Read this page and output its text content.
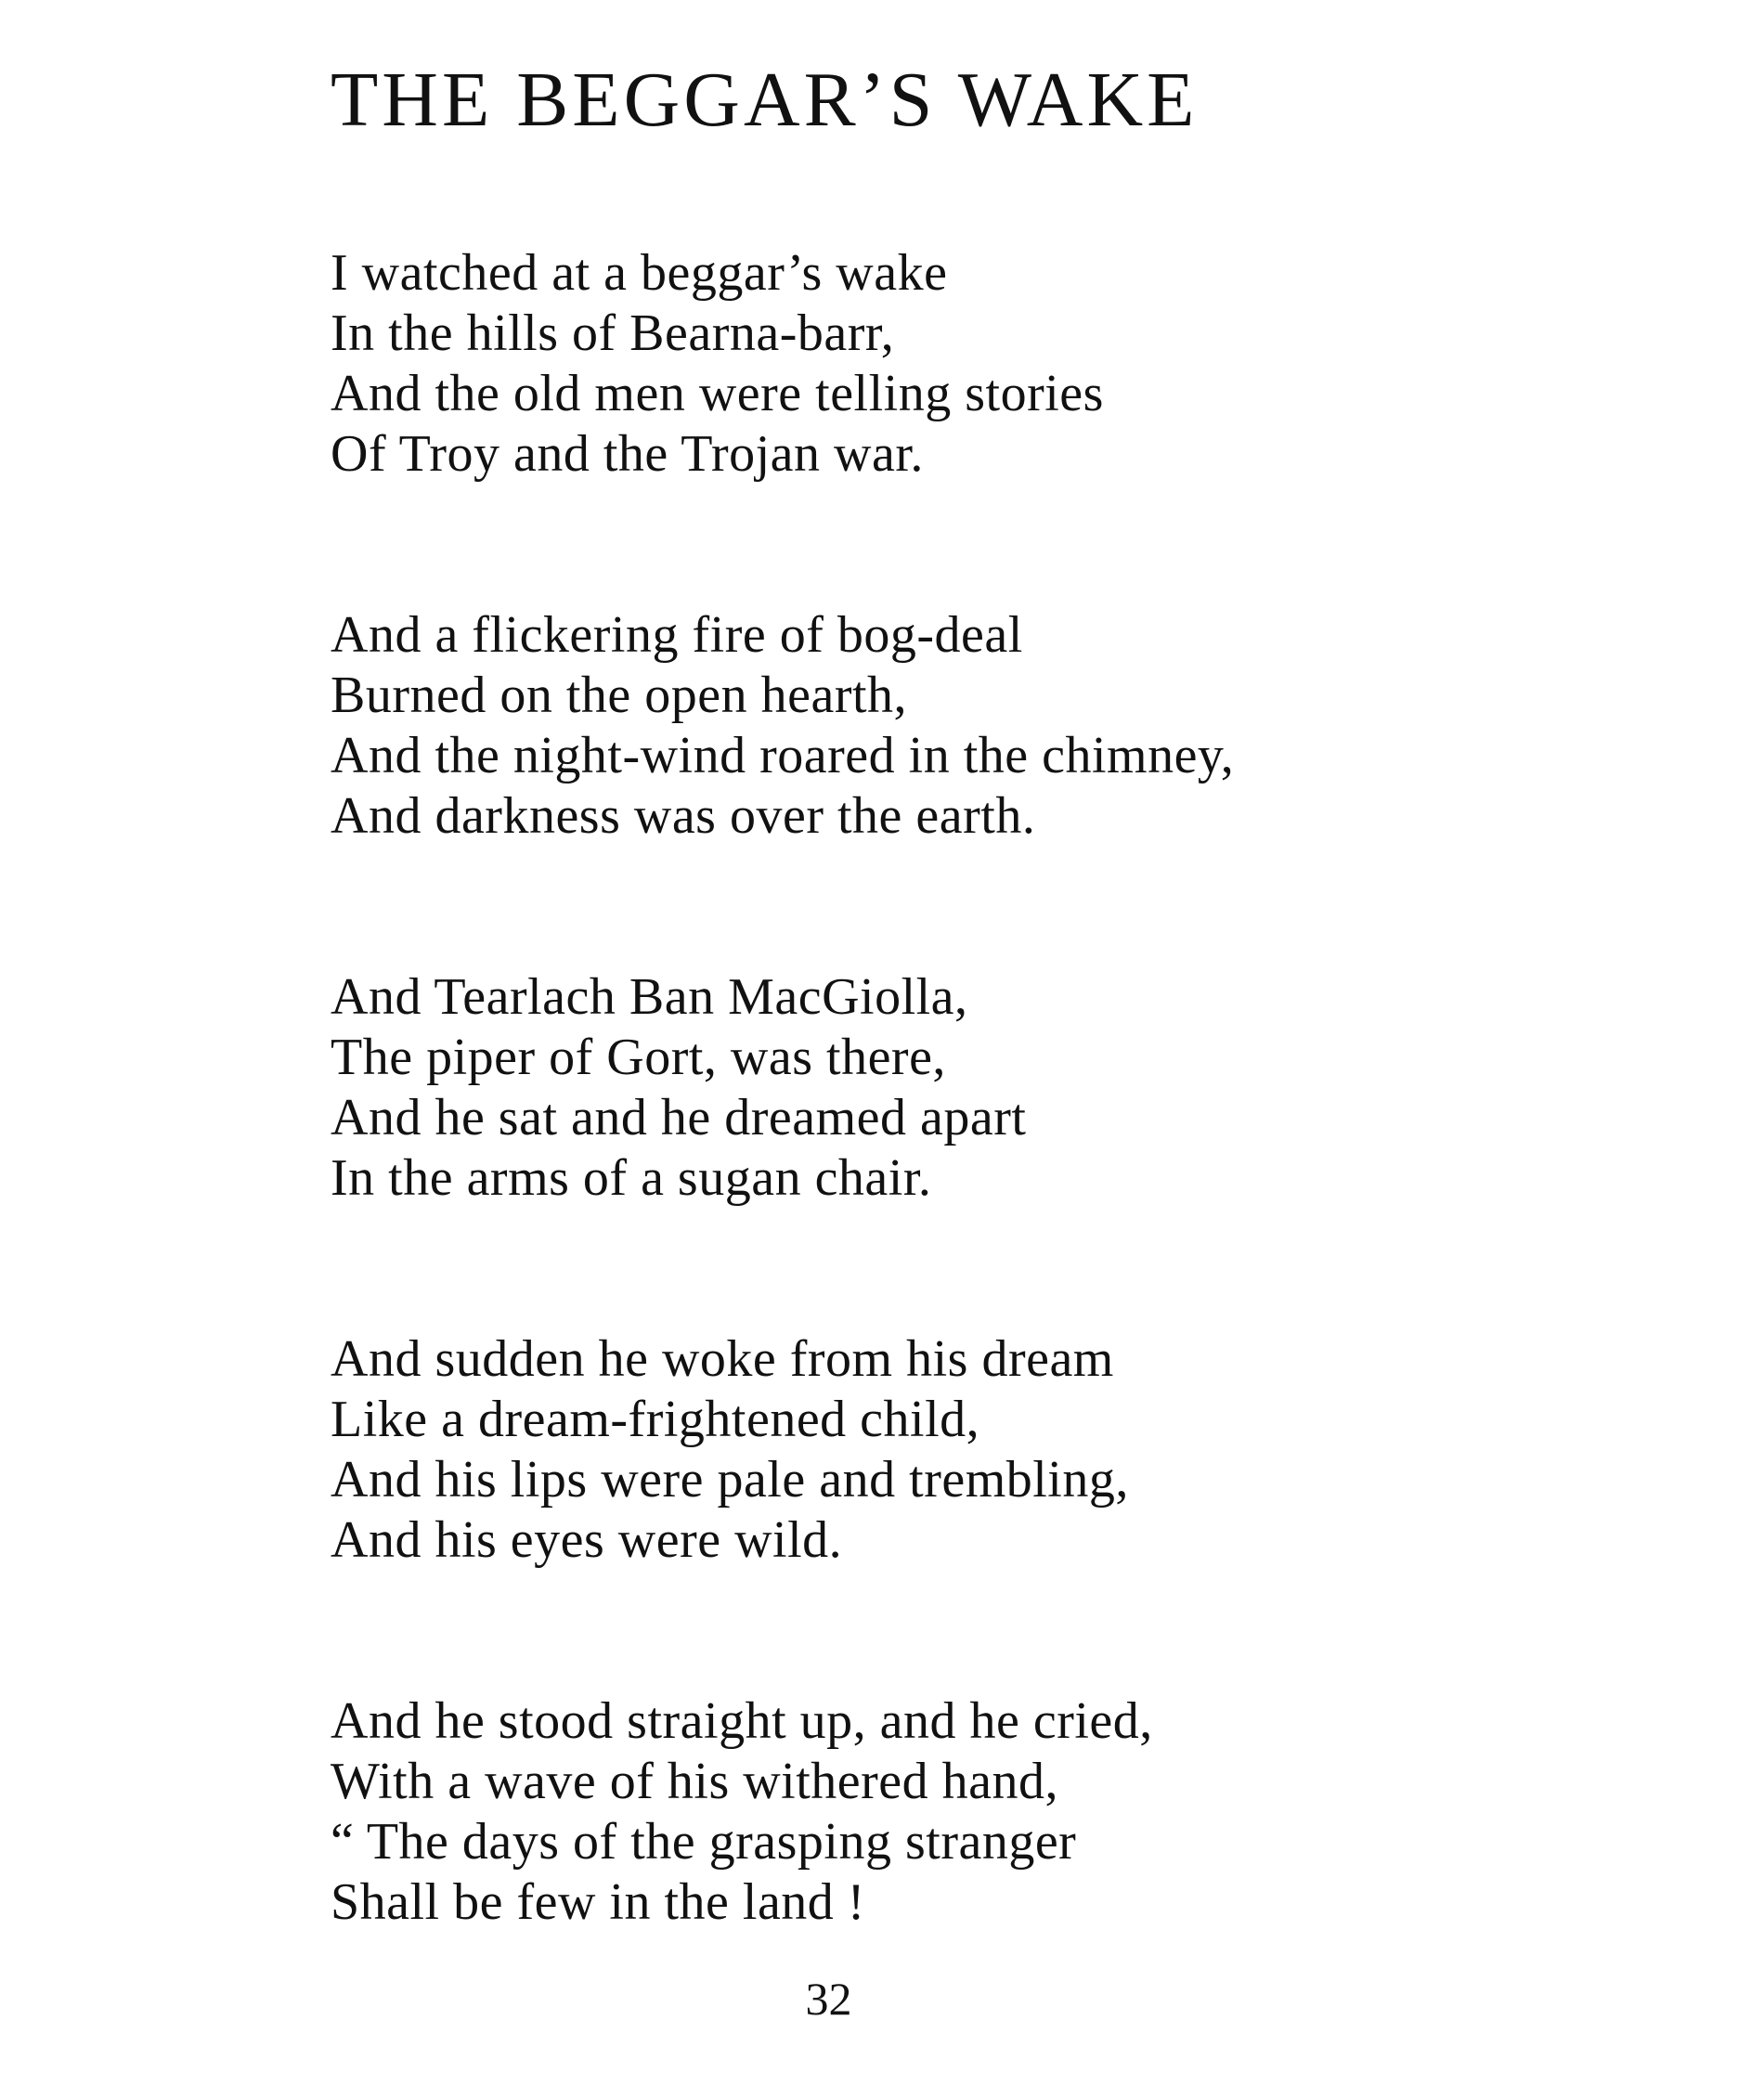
THE BEGGAR’S WAKE
I watched at a beggar’s wake
In the hills of Bearna-barr,
And the old men were telling stories
Of Troy and the Trojan war.
And a flickering fire of bog-deal
Burned on the open hearth,
And the night-wind roared in the chimney,
And darkness was over the earth.
And Tearlach Ban MacGiolla,
The piper of Gort, was there,
And he sat and he dreamed apart
In the arms of a sugan chair.
And sudden he woke from his dream
Like a dream-frightened child,
And his lips were pale and trembling,
And his eyes were wild.
And he stood straight up, and he cried,
With a wave of his withered hand,
“ The days of the grasping stranger
Shall be few in the land !
32
